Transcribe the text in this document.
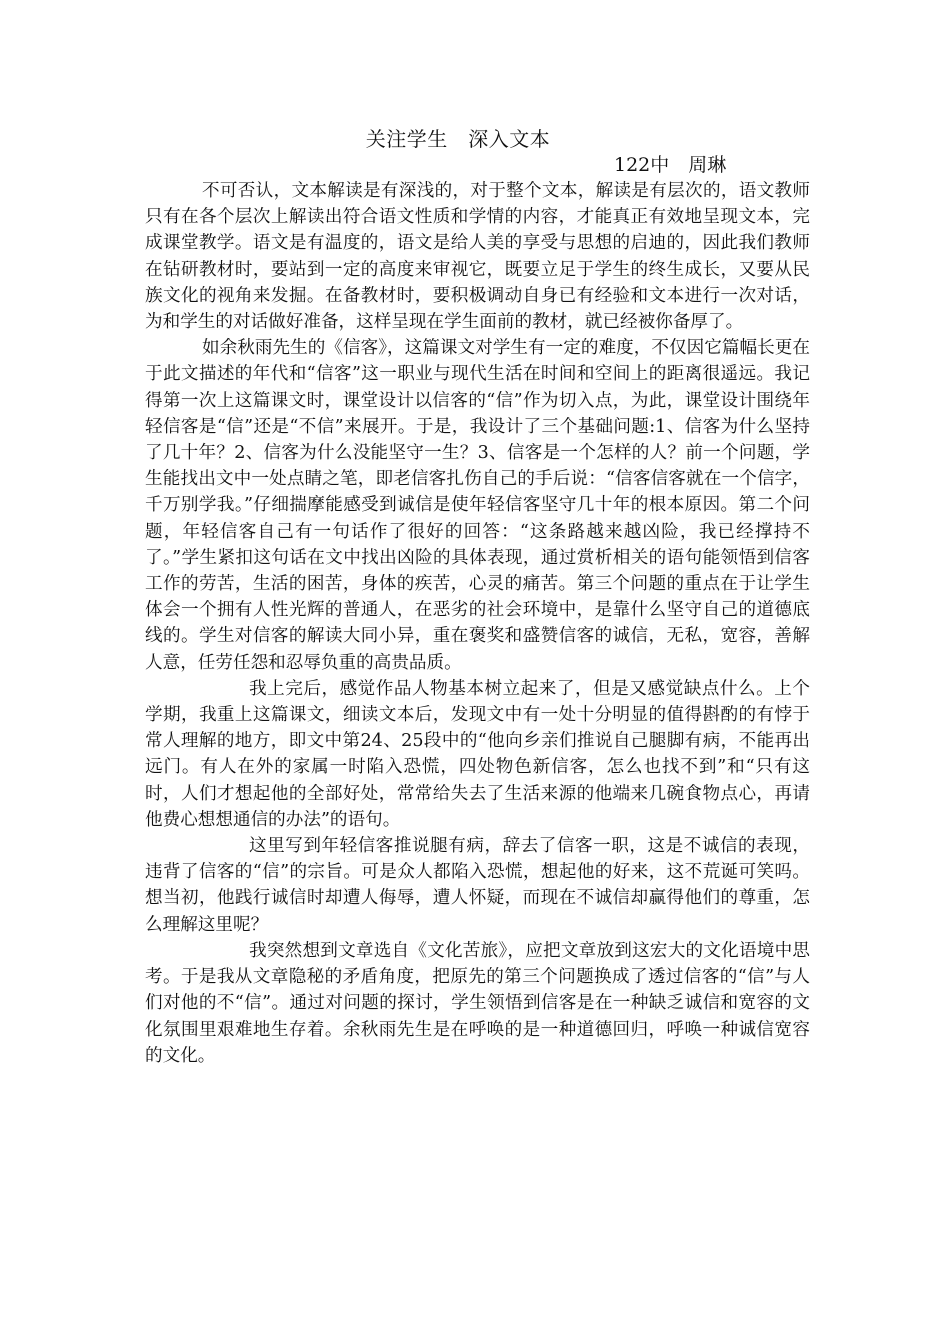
关注学生　深入文本
122中　周琳

不可否认，文本解读是有深浅的，对于整个文本，解读是有层次的，语文教师只有在各个层次上解读出符合语文性质和学情的内容，才能真正有效地呈现文本，完成课堂教学。语文是有温度的，语文是给人美的享受与思想的启迪的，因此我们教师在钻研教材时，要站到一定的高度来审视它，既要立足于学生的终生成长，又要从民族文化的视角来发掘。在备教材时，要积极调动自身已有经验和文本进行一次对话，为和学生的对话做好准备，这样呈现在学生面前的教材，就已经被你备厚了。

如余秋雨先生的《信客》，这篇课文对学生有一定的难度，不仅因它篇幅长更在于此文描述的年代和“信客”这一职业与现代生活在时间和空间上的距离很遥远。我记得第一次上这篇课文时，课堂设计以信客的“信”作为切入点，为此，课堂设计围绕年轻信客是“信”还是“不信”来展开。于是，我设计了三个基础问题:1、信客为什么坚持了几十年？2、信客为什么没能坚守一生？3、信客是一个怎样的人？前一个问题，学生能找出文中一处点睛之笔，即老信客扎伤自己的手后说：“信客信客就在一个信字，千万别学我。”仔细揣摩能感受到诚信是使年轻信客坚守几十年的根本原因。第二个问题，年轻信客自己有一句话作了很好的回答：“这条路越来越凶险，我已经撑持不了。”学生紧扣这句话在文中找出凶险的具体表现，通过赏析相关的语句能领悟到信客工作的劳苦，生活的困苦，身体的疾苦，心灵的痛苦。第三个问题的重点在于让学生体会一个拥有人性光辉的普通人，在恶劣的社会环境中，是靠什么坚守自己的道德底线的。学生对信客的解读大同小异，重在褒奖和盛赞信客的诚信，无私，宽容，善解人意，任劳任怨和忍辱负重的高贵品质。

我上完后，感觉作品人物基本树立起来了，但是又感觉缺点什么。上个学期，我重上这篇课文，细读文本后，发现文中有一处十分明显的值得斟酌的有悖于常人理解的地方，即文中第24、25段中的“他向乡亲们推说自己腿脚有病，不能再出远门。有人在外的家属一时陷入恐慌，四处物色新信客，怎么也找不到”和“只有这时，人们才想起他的全部好处，常常给失去了生活来源的他端来几碗食物点心，再请他费心想想通信的办法”的语句。

这里写到年轻信客推说腿有病，辞去了信客一职，这是不诚信的表现，违背了信客的“信”的宗旨。可是众人都陷入恐慌，想起他的好来，这不荒诞可笑吗。想当初，他践行诚信时却遭人侮辱，遭人怀疑，而现在不诚信却赢得他们的尊重，怎么理解这里呢？

我突然想到文章选自《文化苦旅》，应把文章放到这宏大的文化语境中思考。于是我从文章隐秘的矛盾角度，把原先的第三个问题换成了透过信客的“信”与人们对他的不“信”。通过对问题的探讨，学生领悟到信客是在一种缺乏诚信和宽容的文化氛围里艰难地生存着。余秋雨先生是在呼唤的是一种道德回归，呼唤一种诚信宽容的文化。
